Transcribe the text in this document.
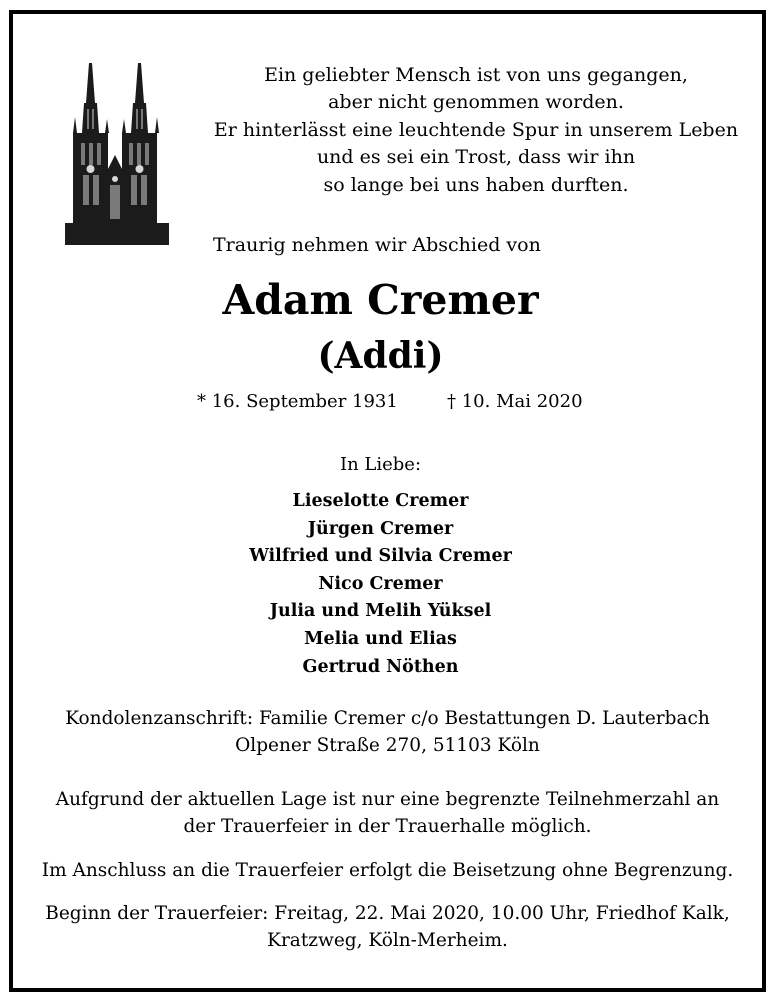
Ein geliebter Mensch ist von uns gegangen,
aber nicht genommen worden.
Er hinterlässt eine leuchtende Spur in unserem Leben
und es sei ein Trost, dass wir ihn
so lange bei uns haben durften.
Traurig nehmen wir Abschied von
Adam Cremer
(Addi)
* 16. September 1931	† 10. Mai 2020
In Liebe:
Lieselotte Cremer
Jürgen Cremer
Wilfried und Silvia Cremer
Nico Cremer
Julia und Melih Yüksel
Melia und Elias
Gertrud Nöthen
Kondolenzanschrift: Familie Cremer c/o Bestattungen D. Lauterbach
Olpener Straße 270, 51103 Köln
Aufgrund der aktuellen Lage ist nur eine begrenzte Teilnehmerzahl an
der Trauerfeier in der Trauerhalle möglich.
Im Anschluss an die Trauerfeier erfolgt die Beisetzung ohne Begrenzung.
Beginn der Trauerfeier: Freitag, 22. Mai 2020, 10.00 Uhr, Friedhof Kalk,
Kratzweg, Köln-Merheim.
